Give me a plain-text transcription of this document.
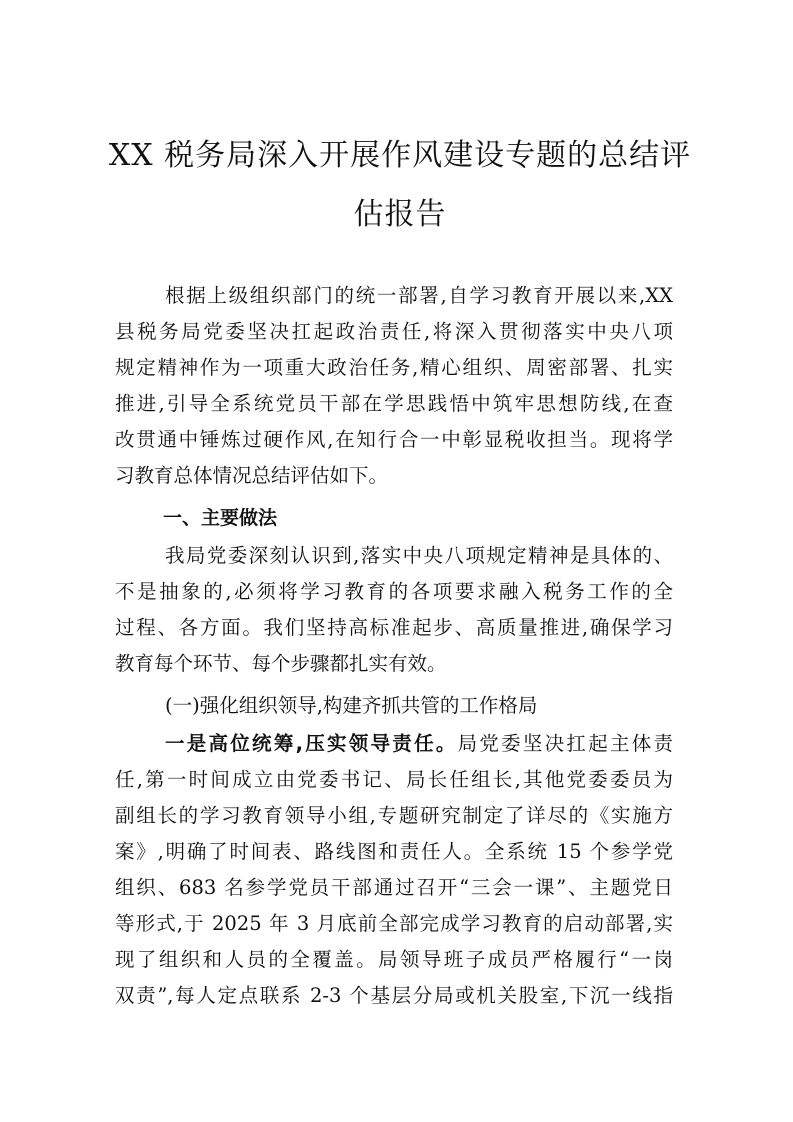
XX 税务局深入开展作风建设专题的总结评
估报告
根据上级组织部门的统一部署,自学习教育开展以来,XX
县税务局党委坚决扛起政治责任,将深入贯彻落实中央八项
规定精神作为一项重大政治任务,精心组织、周密部署、扎实
推进,引导全系统党员干部在学思践悟中筑牢思想防线,在查
改贯通中锤炼过硬作风,在知行合一中彰显税收担当。现将学
习教育总体情况总结评估如下。
一、主要做法
我局党委深刻认识到,落实中央八项规定精神是具体的、
不是抽象的,必须将学习教育的各项要求融入税务工作的全
过程、各方面。我们坚持高标准起步、高质量推进,确保学习
教育每个环节、每个步骤都扎实有效。
(一)强化组织领导,构建齐抓共管的工作格局
一是高位统筹,压实领导责任。局党委坚决扛起主体责
任,第一时间成立由党委书记、局长任组长,其他党委委员为
副组长的学习教育领导小组,专题研究制定了详尽的《实施方
案》,明确了时间表、路线图和责任人。全系统 15 个参学党
组织、683 名参学党员干部通过召开“三会一课”、主题党日
等形式,于 2025 年 3 月底前全部完成学习教育的启动部署,实
现了组织和人员的全覆盖。局领导班子成员严格履行“一岗
双责”,每人定点联系 2-3 个基层分局或机关股室,下沉一线指
